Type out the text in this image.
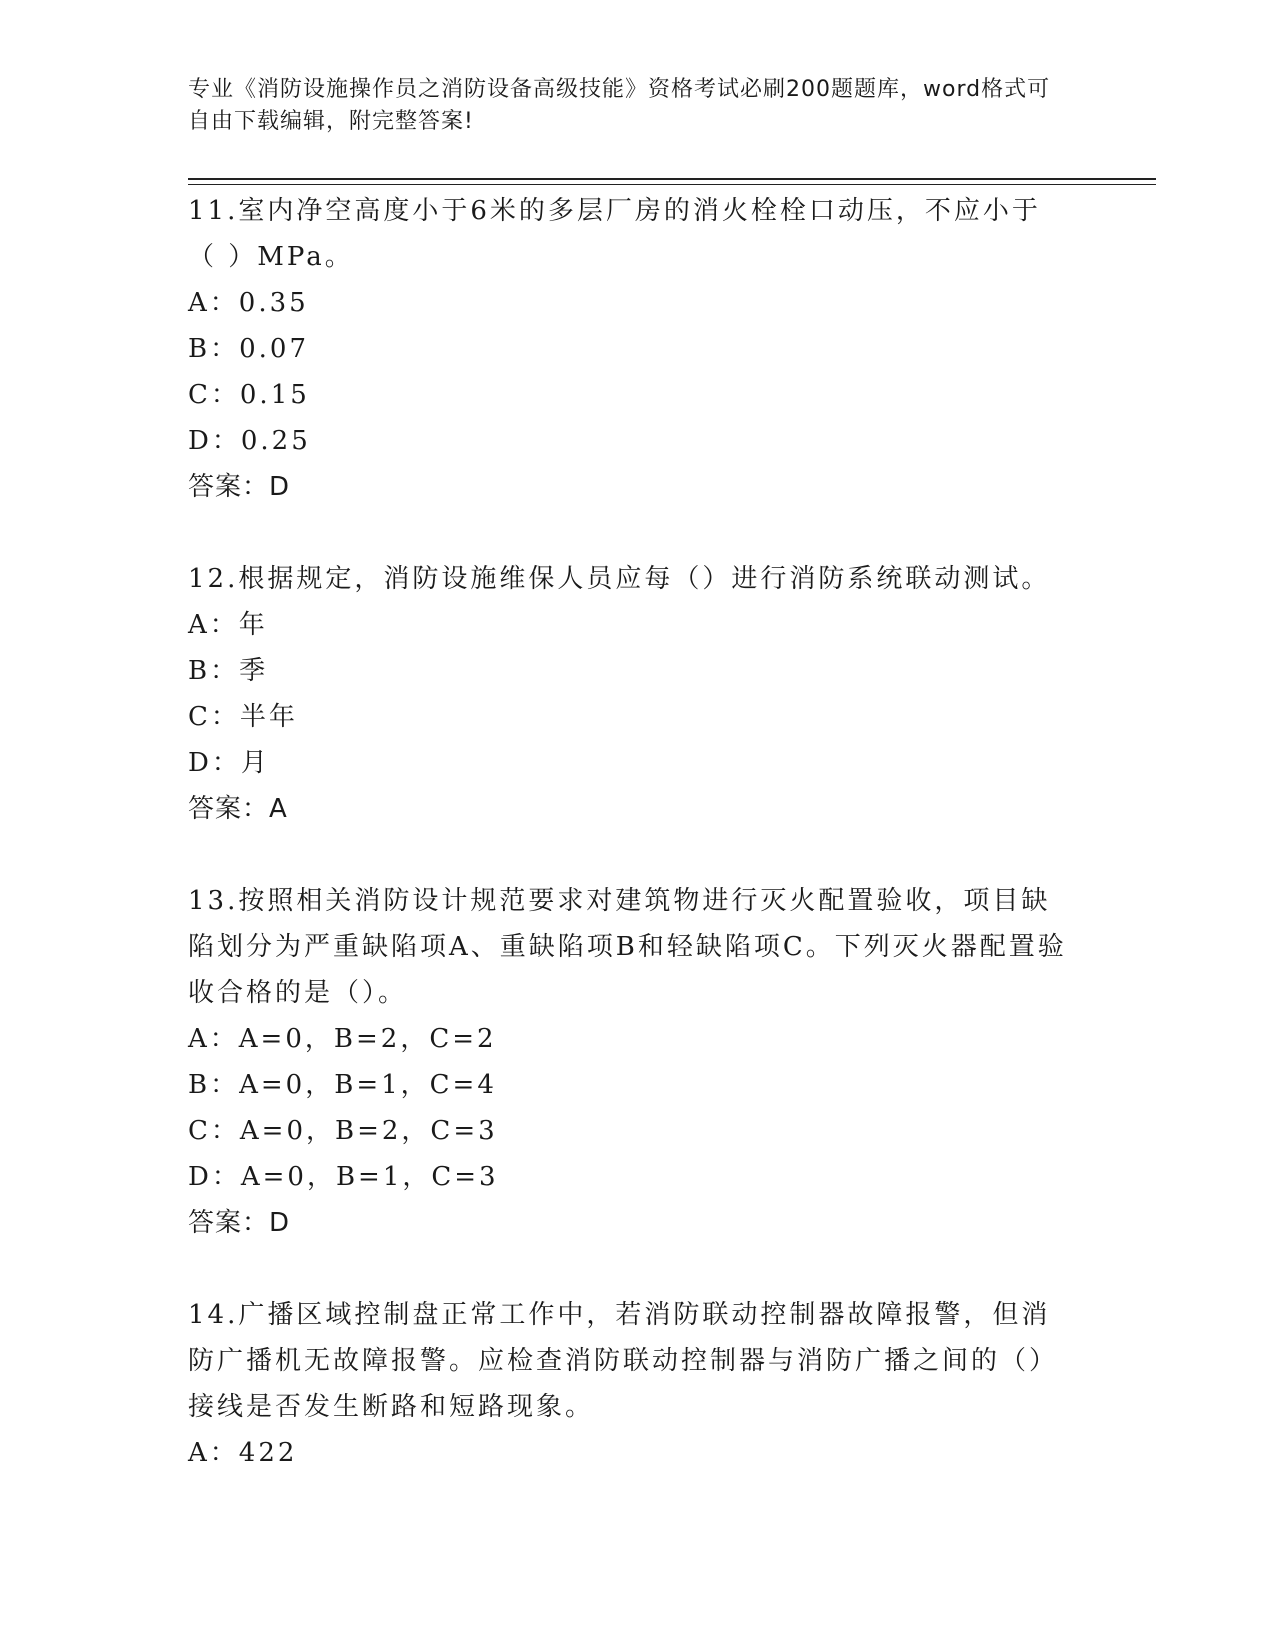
专业《消防设施操作员之消防设备高级技能》资格考试必刷200题题库，word格式可自由下载编辑，附完整答案!
11.室内净空高度小于6米的多层厂房的消火栓栓口动压，不应小于（ ）MPa。
A：0.35
B：0.07
C：0.15
D：0.25
答案：D
12.根据规定，消防设施维保人员应每（）进行消防系统联动测试。
A：年
B：季
C：半年
D：月
答案：A
13.按照相关消防设计规范要求对建筑物进行灭火配置验收，项目缺陷划分为严重缺陷项A、重缺陷项B和轻缺陷项C。下列灭火器配置验收合格的是（）。
A：A=0，B=2，C=2
B：A=0，B=1，C=4
C：A=0，B=2，C=3
D：A=0，B=1，C=3
答案：D
14.广播区域控制盘正常工作中，若消防联动控制器故障报警，但消防广播机无故障报警。应检查消防联动控制器与消防广播之间的（）接线是否发生断路和短路现象。
A：422
